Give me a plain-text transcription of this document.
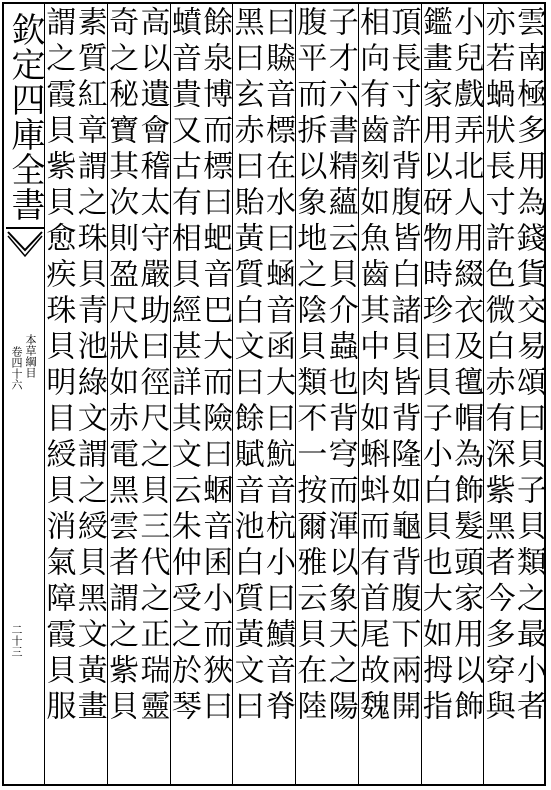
欽定四庫全書
本草綱目
卷四十六
二十三	雲南極多用為錢貨交易頌曰貝子貝類之最小者
亦若蝸狀長寸許色微白赤有深紫黑者今多穿與
小兒戲弄北人用綴衣及氊帽為飾髮頭家用以飾
鑑畫家用以砑物時珍曰貝子小白貝也大如拇指
頂長寸許背腹皆白諸貝皆背隆如龜背腹下兩開
相向有齒刻如魚齒其中肉如蝌蚪而有首尾故魏
子才六書精蘊云貝介蟲也背穹而渾以象天之陽
腹平而拆以象地之陰貝類不一按爾雅云貝在陸
曰贆音標在水曰蜬音函大曰魧音杭小曰鰿音脊
黑曰玄赤曰貽黃質白文曰餘賦音池白質黃文曰
餘泉博而標曰蚆音巴大而險曰蜠音囷小而狹曰
蟦音貴又古有相貝經甚詳其文云朱仲受之於琴
高以遺會稽太守嚴助曰徑尺之貝三代之正瑞靈
奇之秘寶其次則盈尺狀如赤電黑雲者謂之紫貝
素質紅章謂之珠貝青池綠文謂之綬貝黑文黃畫
謂之霞貝紫貝愈疾珠貝明目綬貝消氣障霞貝服
